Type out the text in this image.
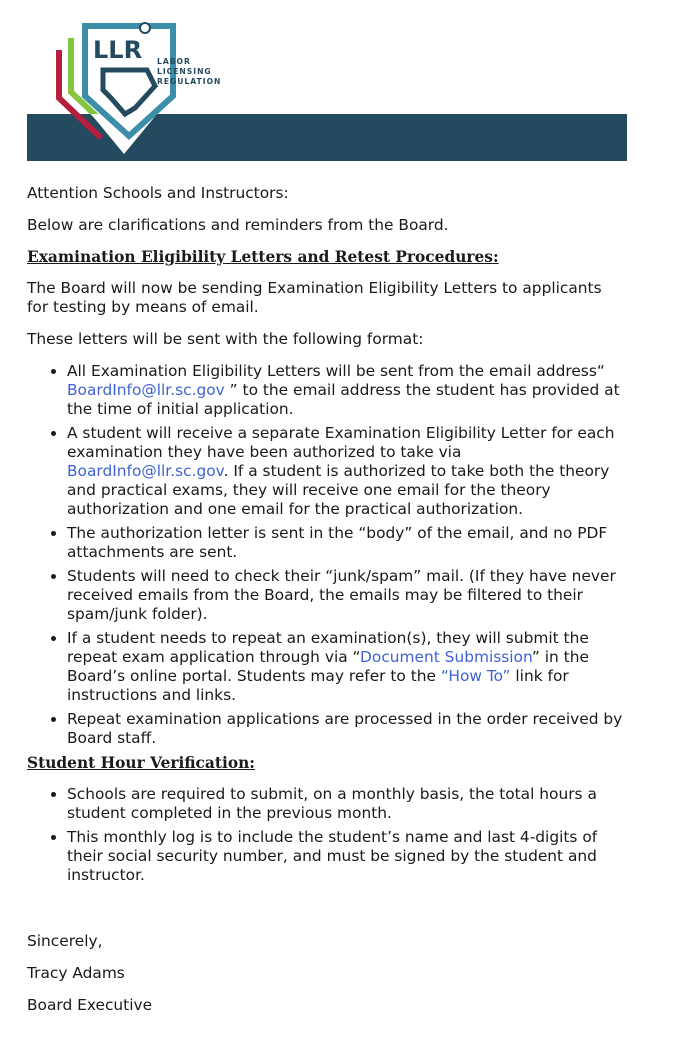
LLR LABOR
LICENSING
REGULATION

Attention Schools and Instructors:

Below are clarifications and reminders from the Board.

Examination Eligibility Letters and Retest Procedures:

The Board will now be sending Examination Eligibility Letters to applicants for testing by means of email.

These letters will be sent with the following format:

• All Examination Eligibility Letters will be sent from the email address“ BoardInfo@llr.sc.gov ” to the email address the student has provided at the time of initial application.
• A student will receive a separate Examination Eligibility Letter for each examination they have been authorized to take via BoardInfo@llr.sc.gov. If a student is authorized to take both the theory and practical exams, they will receive one email for the theory authorization and one email for the practical authorization.
• The authorization letter is sent in the “body” of the email, and no PDF attachments are sent.
• Students will need to check their “junk/spam” mail. (If they have never received emails from the Board, the emails may be filtered to their spam/junk folder).
• If a student needs to repeat an examination(s), they will submit the repeat exam application through via “Document Submission” in the Board’s online portal. Students may refer to the “How To” link for instructions and links.
• Repeat examination applications are processed in the order received by Board staff.
Student Hour Verification:
• Schools are required to submit, on a monthly basis, the total hours a student completed in the previous month.
• This monthly log is to include the student’s name and last 4-digits of their social security number, and must be signed by the student and instructor.

Sincerely,

Tracy Adams

Board Executive
